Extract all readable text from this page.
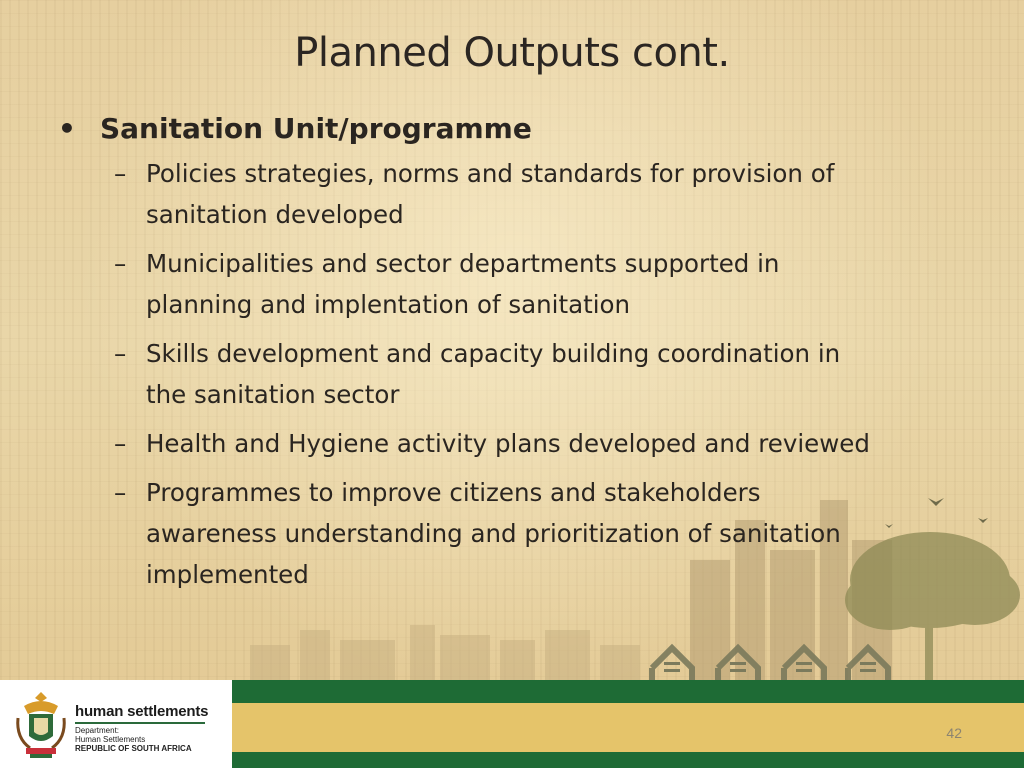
Planned Outputs cont.
• Sanitation Unit/programme
– Policies strategies, norms and standards for provision of
sanitation developed
– Municipalities and sector departments supported in
planning and implentation of sanitation
– Skills development and capacity building coordination in
the sanitation sector
– Health and Hygiene activity plans developed and reviewed
– Programmes to improve citizens and stakeholders
awareness understanding and prioritization of sanitation
implemented
human settlements
Department:
Human Settlements
REPUBLIC OF SOUTH AFRICA
42
